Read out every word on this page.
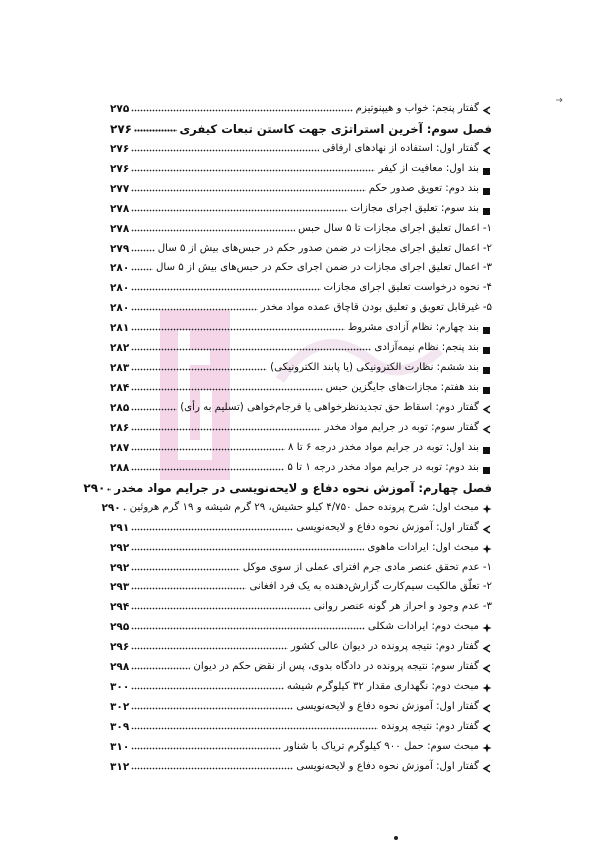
گفتار پنجم: خواب و هیپنوتیزم
۲۷۵
فصل سوم: آخرین استراتژی جهت کاستن تبعات کیفری
۲۷۶
گفتار اول: استفاده از نهادهای ارفاقی
۲۷۶
بند اول: معافیت از کیفر
۲۷۶
بند دوم: تعویق صدور حکم
۲۷۷
بند سوم: تعلیق اجرای مجازات
۲۷۸
۱- اعمال تعلیق اجرای مجازات تا ۵ سال حبس
۲۷۸
۲- اعمال تعلیق اجرای مجازات در ضمن صدور حکم در حبس‌های بیش از ۵ سال
۲۷۹
۳- اعمال تعلیق اجرای مجازات در ضمن اجرای حکم در حبس‌های بیش از ۵ سال
۲۸۰
۴- نحوه درخواست تعلیق اجرای مجازات
۲۸۰
۵- غیرقابل تعویق و تعلیق بودن قاچاق عمده مواد مخدر
۲۸۰
بند چهارم: نظام آزادی مشروط
۲۸۱
بند پنجم: نظام نیمه‌آزادی
۲۸۲
بند ششم: نظارت الکترونیکی (یا پابند الکترونیکی)
۲۸۳
بند هفتم: مجازات‌های جایگزین حبس
۲۸۴
گفتار دوم: اسقاط حق تجدیدنظرخواهی یا فرجام‌خواهی (تسلیم به رأی)
۲۸۵
گفتار سوم: توبه در جرایم مواد مخدر
۲۸۶
بند اول: توبه در جرایم مواد مخدر درجه ۶ تا ۸
۲۸۷
بند دوم: توبه در جرایم مواد مخدر درجه ۱ تا ۵
۲۸۸
فصل چهارم: آموزش نحوه دفاع و لایحه‌نویسی در جرایم مواد مخدر
۲۹۰
مبحث اول: شرح پرونده حمل ۴/۷۵۰ کیلو حشیش، ۲۹ گرم شیشه و ۱۹ گرم هروئین
۲۹۰
گفتار اول: آموزش نحوه دفاع و لایحه‌نویسی
۲۹۱
مبحث اول: ایرادات ماهوی
۲۹۲
۱- عدم تحقق عنصر مادی جرم افترای عملی از سوی موکل
۲۹۲
۲- تعلّق مالکیت سیم‌کارت گزارش‌دهنده به یک فرد افغانی
۲۹۳
۳- عدم وجود و احراز هر گونه عنصر روانی
۲۹۴
مبحث دوم: ایرادات شکلی
۲۹۵
گفتار دوم: نتیجه پرونده در دیوان عالی کشور
۲۹۶
گفتار سوم: نتیجه پرونده در دادگاه بدوی، پس از نقض حکم در دیوان
۲۹۸
مبحث دوم: نگهداری مقدار ۳۲ کیلوگرم شیشه
۳۰۰
گفتار اول: آموزش نحوه دفاع و لایحه‌نویسی
۳۰۲
گفتار دوم: نتیجه پرونده
۳۰۹
مبحث سوم: حمل ۹۰۰ کیلوگرم تریاک با شناور
۳۱۰
گفتار اول: آموزش نحوه دفاع و لایحه‌نویسی
۳۱۲
